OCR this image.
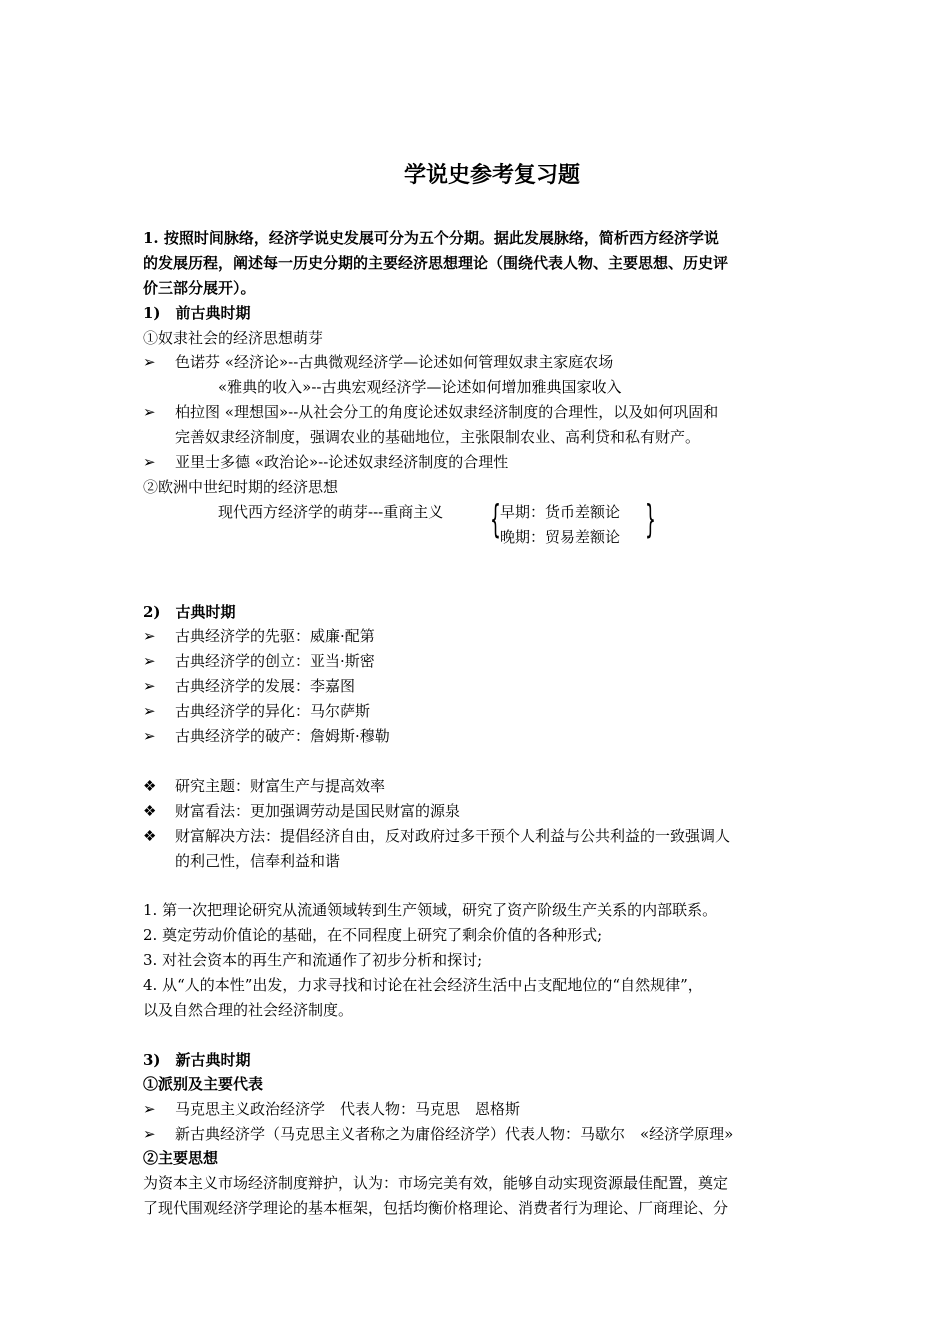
学说史参考复习题
1. 按照时间脉络，经济学说史发展可分为五个分期。据此发展脉络，简析西方经济学说
的发展历程，阐述每一历史分期的主要经济思想理论（围绕代表人物、主要思想、历史评
价三部分展开）。
1)　前古典时期
①奴隶社会的经济思想萌芽
➢	色诺芬 «经济论»--古典微观经济学—论述如何管理奴隶主家庭农场
«雅典的收入»--古典宏观经济学—论述如何增加雅典国家收入
➢	柏拉图 «理想国»--从社会分工的角度论述奴隶经济制度的合理性，以及如何巩固和
完善奴隶经济制度，强调农业的基础地位，主张限制农业、高利贷和私有财产。
➢	亚里士多德 «政治论»--论述奴隶经济制度的合理性
②欧洲中世纪时期的经济思想
现代西方经济学的萌芽---重商主义 { 早期：货币差额论
晚期：贸易差额论 }
2)　古典时期
➢	古典经济学的先驱：威廉·配第
➢	古典经济学的创立：亚当·斯密
➢	古典经济学的发展：李嘉图
➢	古典经济学的异化：马尔萨斯
➢	古典经济学的破产：詹姆斯·穆勒
❖ 研究主题：财富生产与提高效率
❖ 财富看法：更加强调劳动是国民财富的源泉
❖ 财富解决方法：提倡经济自由，反对政府过多干预个人利益与公共利益的一致强调人
的利己性，信奉利益和谐
1. 第一次把理论研究从流通领域转到生产领域，研究了资产阶级生产关系的内部联系。
2. 奠定劳动价值论的基础，在不同程度上研究了剩余价值的各种形式;
3. 对社会资本的再生产和流通作了初步分析和探讨;
4. 从“人的本性”出发，力求寻找和讨论在社会经济生活中占支配地位的“自然规律”，
以及自然合理的社会经济制度。
3)　新古典时期
①派别及主要代表
➢	马克思主义政治经济学　代表人物：马克思　恩格斯
➢	新古典经济学（马克思主义者称之为庸俗经济学）代表人物：马歇尔　«经济学原理»
②主要思想
为资本主义市场经济制度辩护，认为：市场完美有效，能够自动实现资源最佳配置，奠定
了现代围观经济学理论的基本框架，包括均衡价格理论、消费者行为理论、厂商理论、分
